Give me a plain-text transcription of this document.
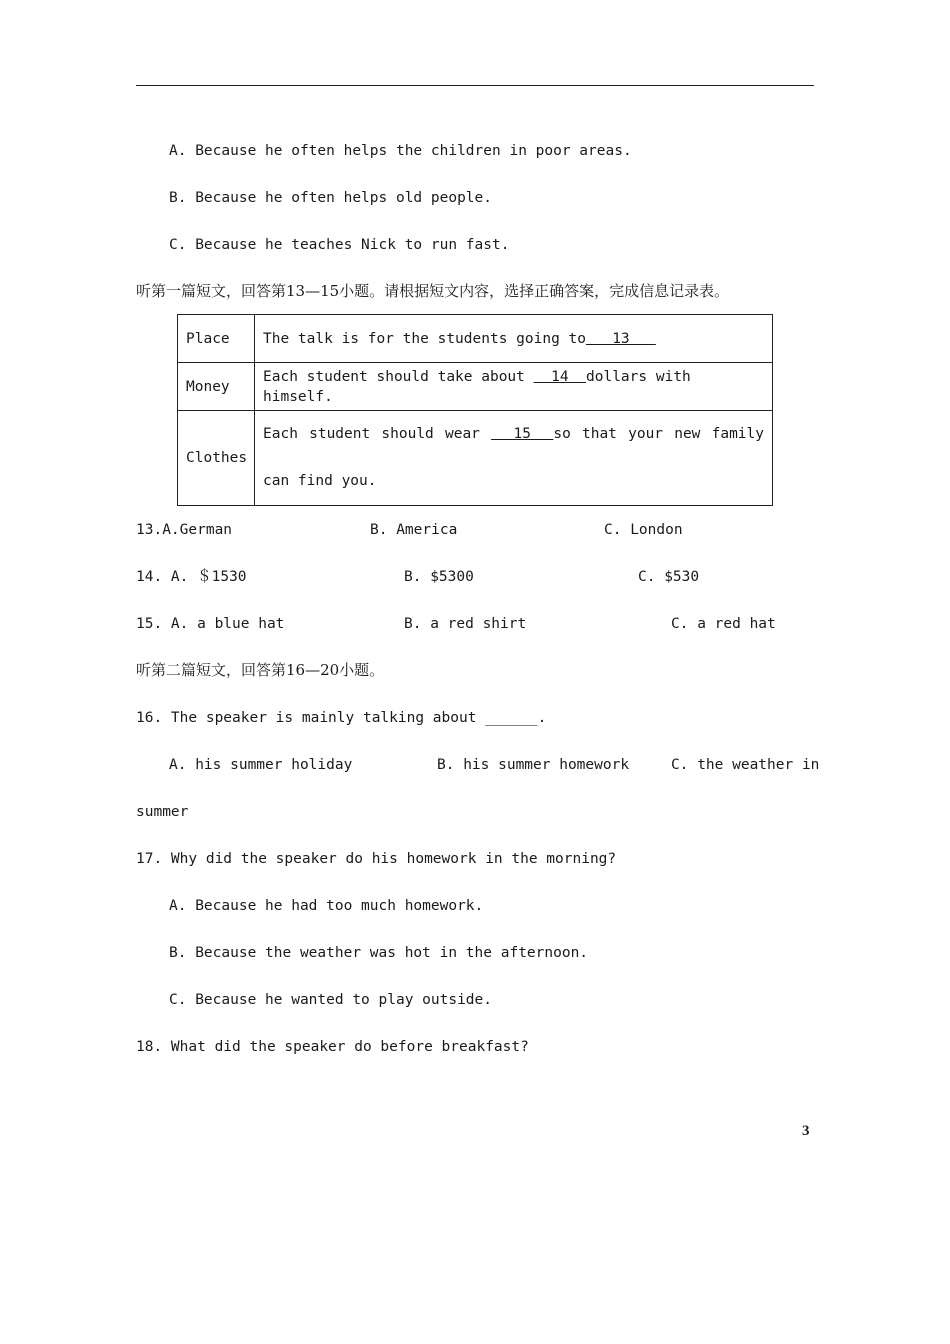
A. Because he often helps the children in poor areas.
B. Because he often helps old people.
C. Because he teaches Nick to run fast.
听第一篇短文，回答第13—15小题。请根据短文内容，选择正确答案，完成信息记录表。
Place	The talk is for the students going to   13
Money	Each student should take about   14  dollars with himself.
Clothes	Each student should wear   15  so that your new family can find you.
13.A.German	B. America	C. London
14. A. ＄1530	B. $5300	C. $530
15. A. a blue hat	B. a red shirt	C. a red hat
听第二篇短文，回答第16—20小题。
16. The speaker is mainly talking about ______.
A. his summer holiday	B. his summer homework	C. the weather in
summer
17. Why did the speaker do his homework in the morning?
A. Because he had too much homework.
B. Because the weather was hot in the afternoon.
C. Because he wanted to play outside.
18. What did the speaker do before breakfast?
3
